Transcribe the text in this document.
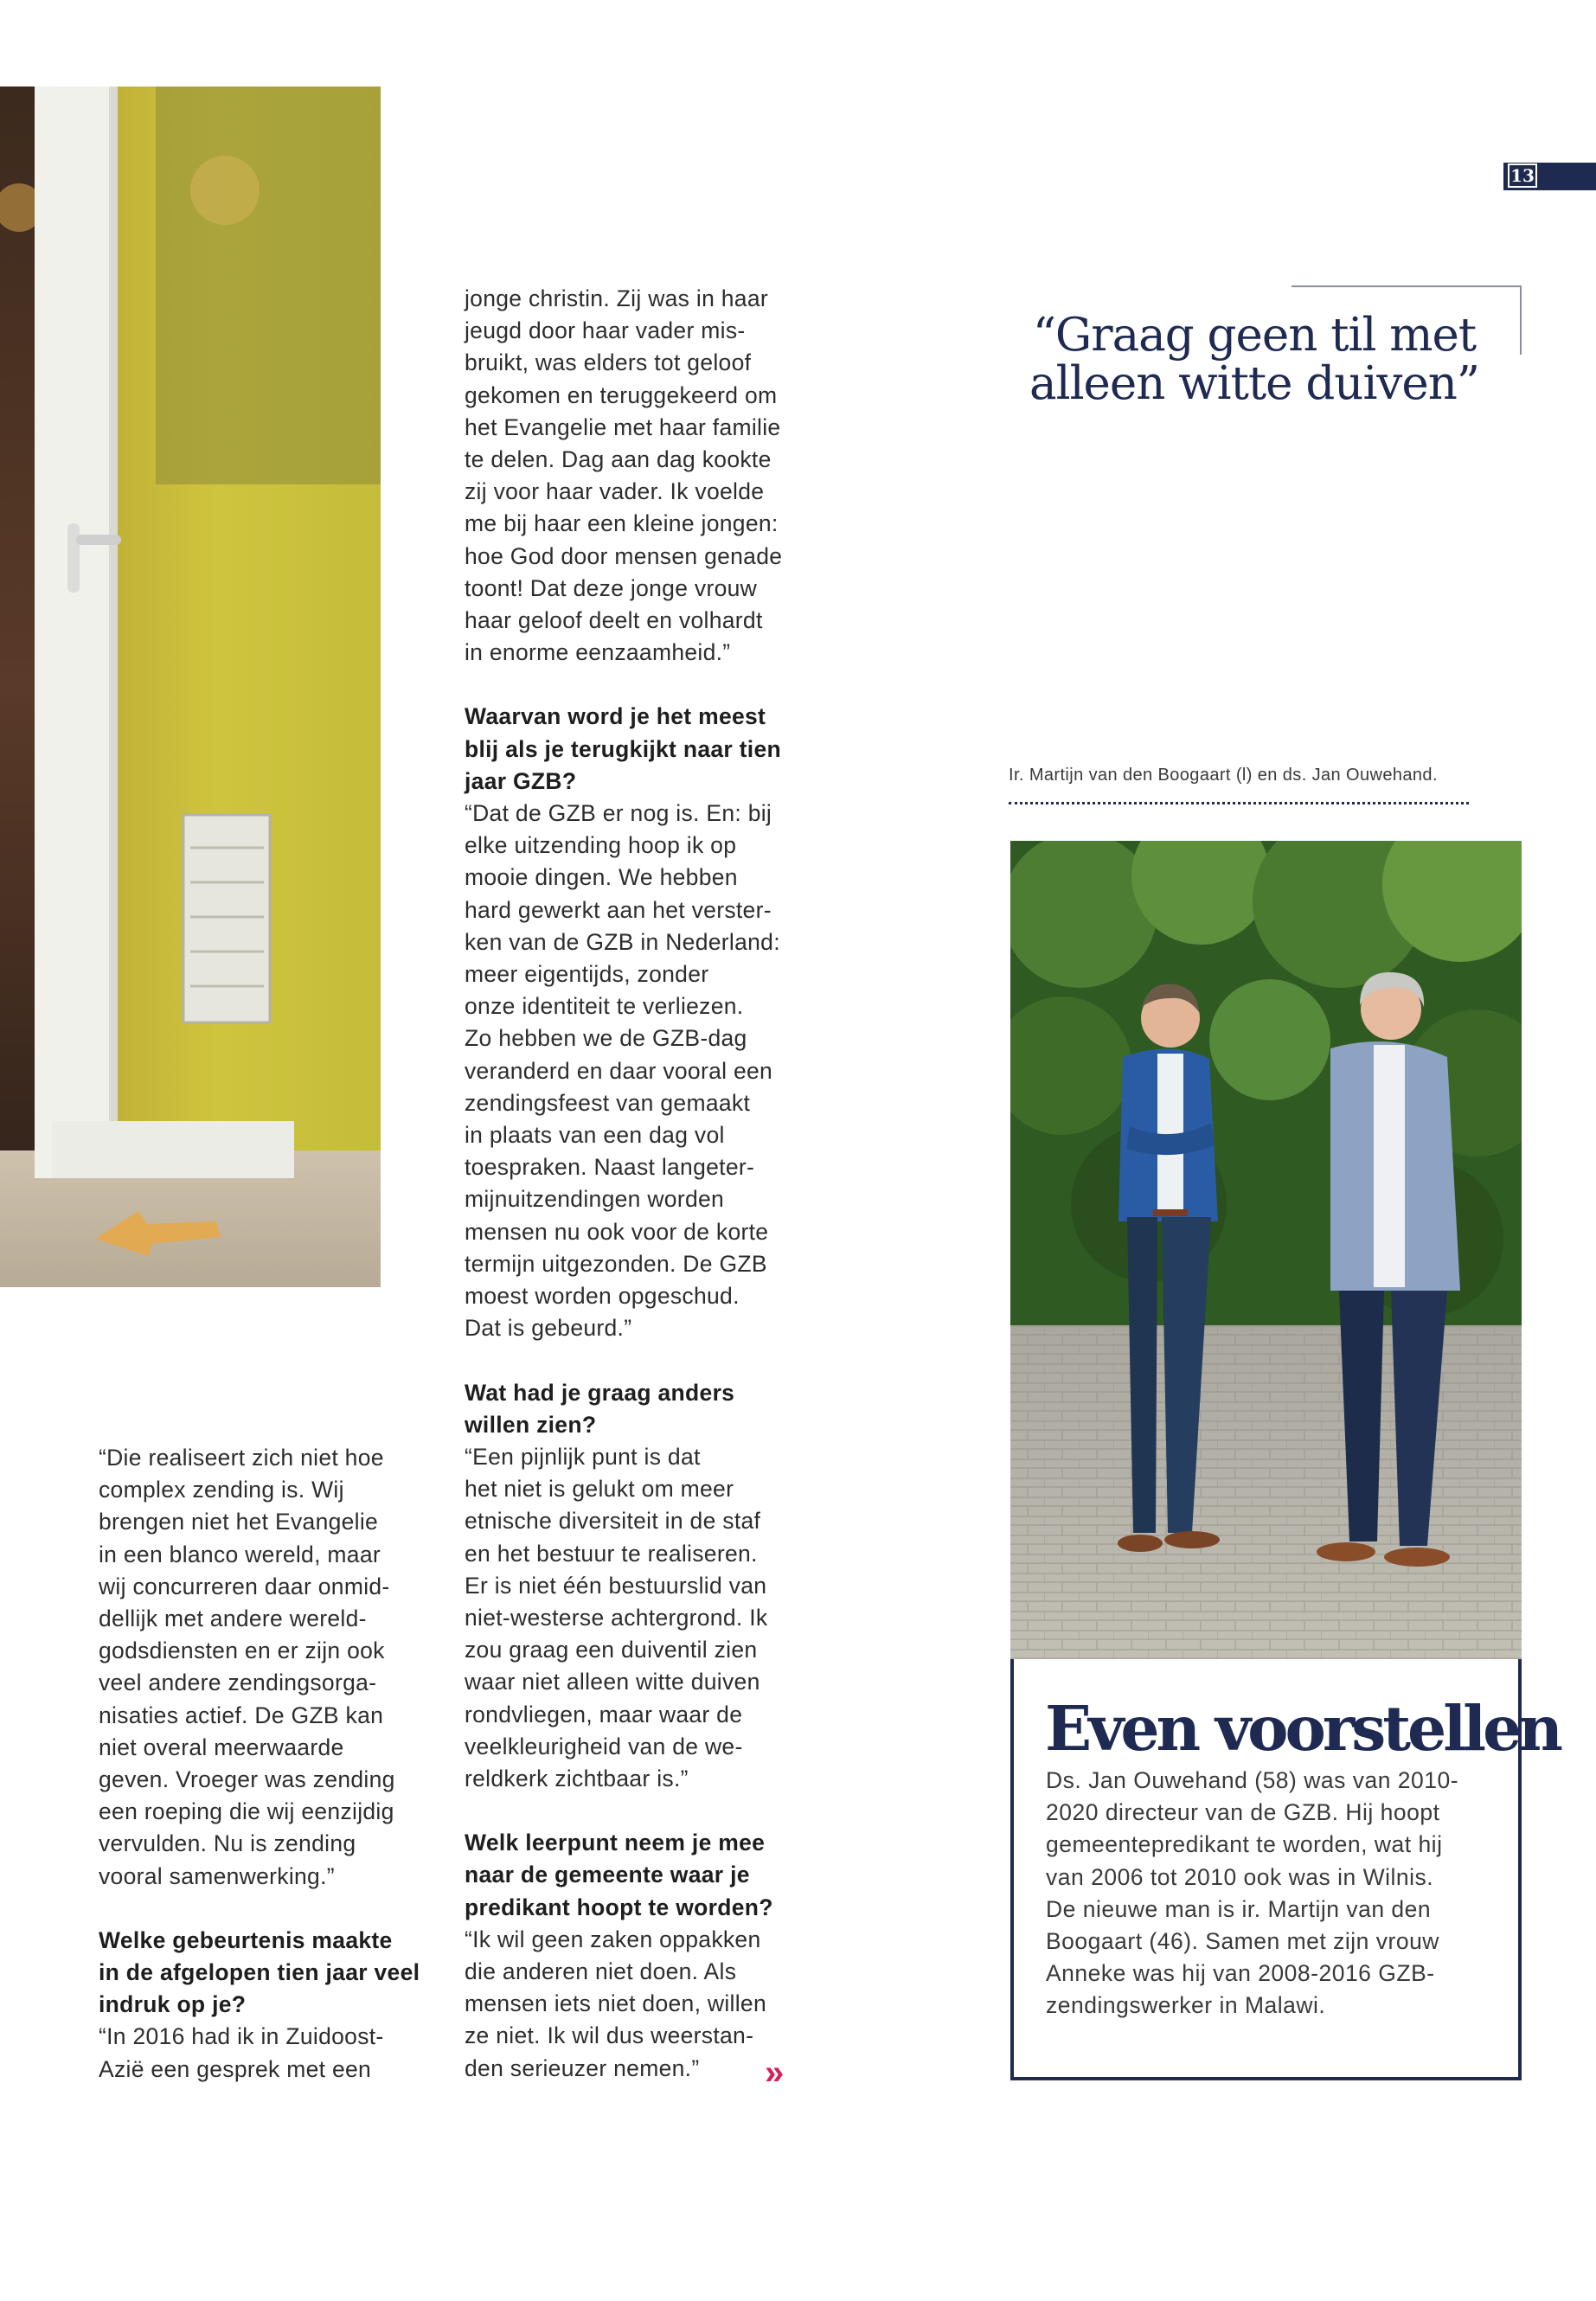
13

jonge christin. Zij was in haar

jeugd door haar vader mis-

bruikt, was elders tot geloof

gekomen en teruggekeerd om

het Evangelie met haar familie

te delen. Dag aan dag kookte

zij voor haar vader. Ik voelde

me bij haar een kleine jongen:

hoe God door mensen genade

toont! Dat deze jonge vrouw

haar geloof deelt en volhardt

in enorme eenzaamheid.”

Waarvan word je het meest

blij als je terugkijkt naar tien

jaar GZB?

“Dat de GZB er nog is. En: bij

elke uitzending hoop ik op

mooie dingen. We hebben

hard gewerkt aan het verster-

ken van de GZB in Nederland:

meer eigentijds, zonder

onze identiteit te verliezen.

Zo hebben we de GZB-dag

veranderd en daar vooral een

zendingsfeest van gemaakt

in plaats van een dag vol

toespraken. Naast langeter-

mijnuitzendingen worden

mensen nu ook voor de korte

termijn uitgezonden. De GZB

moest worden opgeschud.

Dat is gebeurd.”

Wat had je graag anders

willen zien?

“Een pijnlijk punt is dat

het niet is gelukt om meer

etnische diversiteit in de staf

en het bestuur te realiseren.

Er is niet één bestuurslid van

niet-westerse achtergrond. Ik

zou graag een duiventil zien

waar niet alleen witte duiven

rondvliegen, maar waar de

veelkleurigheid van de we-

reldkerk zichtbaar is.”

Welk leerpunt neem je mee

naar de gemeente waar je

predikant hoopt te worden?

“Ik wil geen zaken oppakken

die anderen niet doen. Als

mensen iets niet doen, willen

ze niet. Ik wil dus weerstan-

den serieuzer nemen.”	»

“Die realiseert zich niet hoe

complex zending is. Wij

brengen niet het Evangelie

in een blanco wereld, maar

wij concurreren daar onmid-

dellijk met andere wereld-

godsdiensten en er zijn ook

veel andere zendingsorga-

nisaties actief. De GZB kan

niet overal meerwaarde

geven. Vroeger was zending

een roeping die wij eenzijdig

vervulden. Nu is zending

vooral samenwerking.”

Welke gebeurtenis maakte

in de afgelopen tien jaar veel

indruk op je?

“In 2016 had ik in Zuidoost-

Azië een gesprek met een

“Graag geen til met
alleen witte duiven”
Ir. Martijn van den Boogaart (l) en ds. Jan Ouwehand.
Even voorstellen

Ds. Jan Ouwehand (58) was van 2010-

2020 directeur van de GZB. Hij hoopt

gemeentepredikant te worden, wat hij

van 2006 tot 2010 ook was in Wilnis.

De nieuwe man is ir. Martijn van den

Boogaart (46). Samen met zijn vrouw

Anneke was hij van 2008-2016 GZB-

zendingswerker in Malawi.
